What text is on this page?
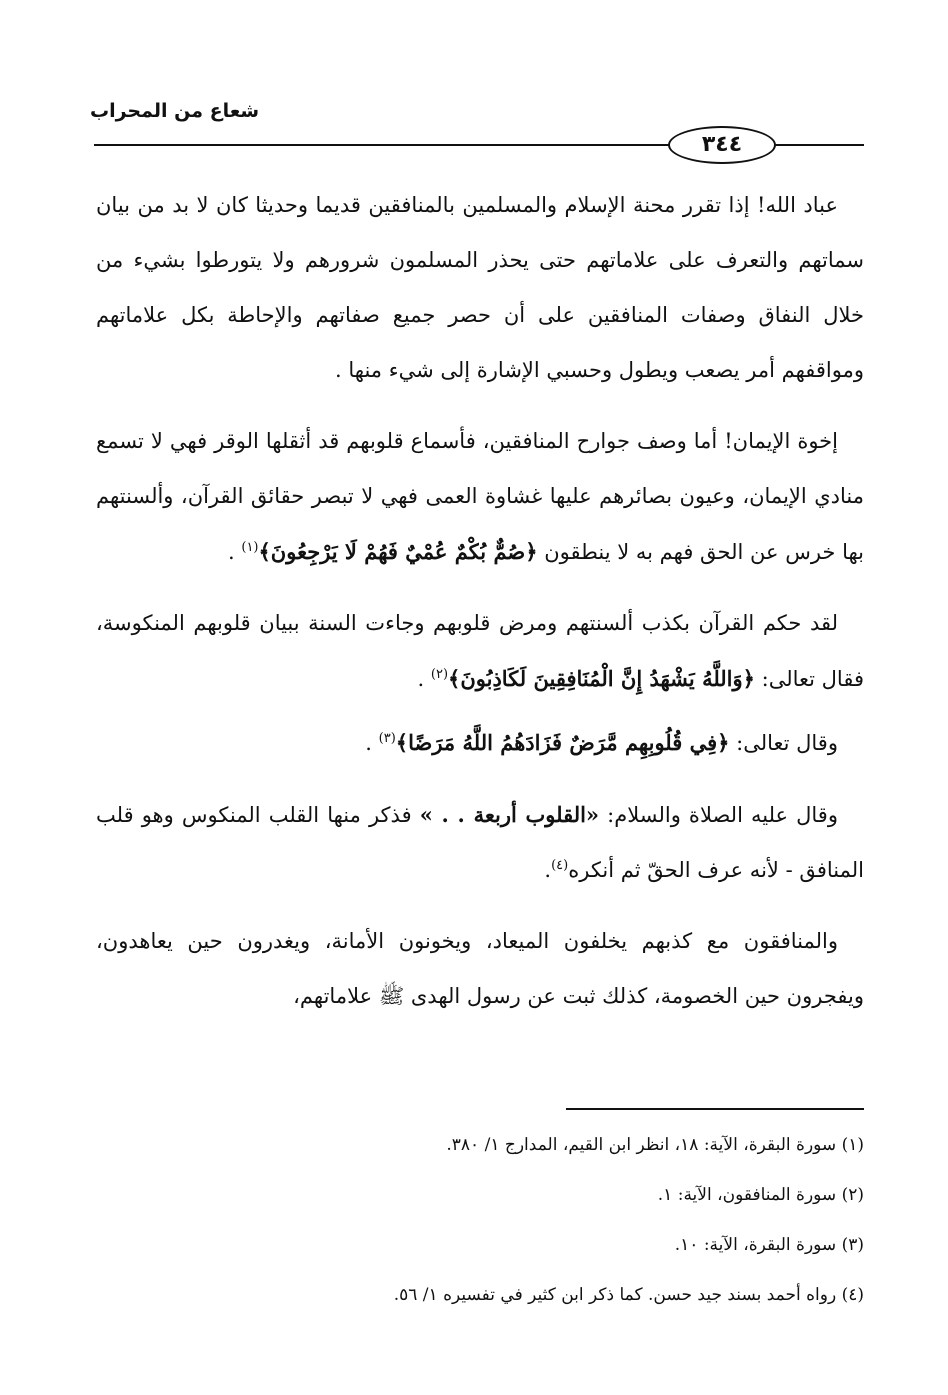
شعاع من المحراب
٣٤٤

عباد الله! إذا تقرر محنة الإسلام والمسلمين بالمنافقين قديما وحديثا كان لا بد من بيان سماتهم والتعرف على علاماتهم حتى يحذر المسلمون شرورهم ولا يتورطوا بشيء من خلال النفاق وصفات المنافقين على أن حصر جميع صفاتهم والإحاطة بكل علاماتهم ومواقفهم أمر يصعب ويطول وحسبي الإشارة إلى شيء منها .

إخوة الإيمان! أما وصف جوارح المنافقين، فأسماع قلوبهم قد أثقلها الوقر فهي لا تسمع منادي الإيمان، وعيون بصائرهم عليها غشاوة العمى فهي لا تبصر حقائق القرآن، وألسنتهم بها خرس عن الحق فهم به لا ينطقون ﴿صُمٌّ بُكْمٌ عُمْيٌ فَهُمْ لَا يَرْجِعُونَ﴾$^{(١)}$ .

لقد حكم القرآن بكذب ألسنتهم ومرض قلوبهم وجاءت السنة ببيان قلوبهم المنكوسة، فقال تعالى: ﴿وَاللَّهُ يَشْهَدُ إِنَّ الْمُنَافِقِينَ لَكَاذِبُونَ﴾$^{(٢)}$ .

وقال تعالى: ﴿فِي قُلُوبِهِم مَّرَضٌ فَزَادَهُمُ اللَّهُ مَرَضًا﴾$^{(٣)}$ .

وقال عليه الصلاة والسلام: «القلوب أربعة . . » فذكر منها القلب المنكوس وهو قلب المنافق - لأنه عرف الحقّ ثم أنكره$^{(٤)}$.

والمنافقون مع كذبهم يخلفون الميعاد، ويخونون الأمانة، ويغدرون حين يعاهدون، ويفجرون حين الخصومة، كذلك ثبت عن رسول الهدى ﷺ علاماتهم،

(١) سورة البقرة، الآية: ١٨، انظر ابن القيم، المدارج ١/ ٣٨٠.
(٢) سورة المنافقون، الآية: ١.
(٣) سورة البقرة، الآية: ١٠.
(٤) رواه أحمد بسند جيد حسن. كما ذكر ابن كثير في تفسيره ١/ ٥٦.
